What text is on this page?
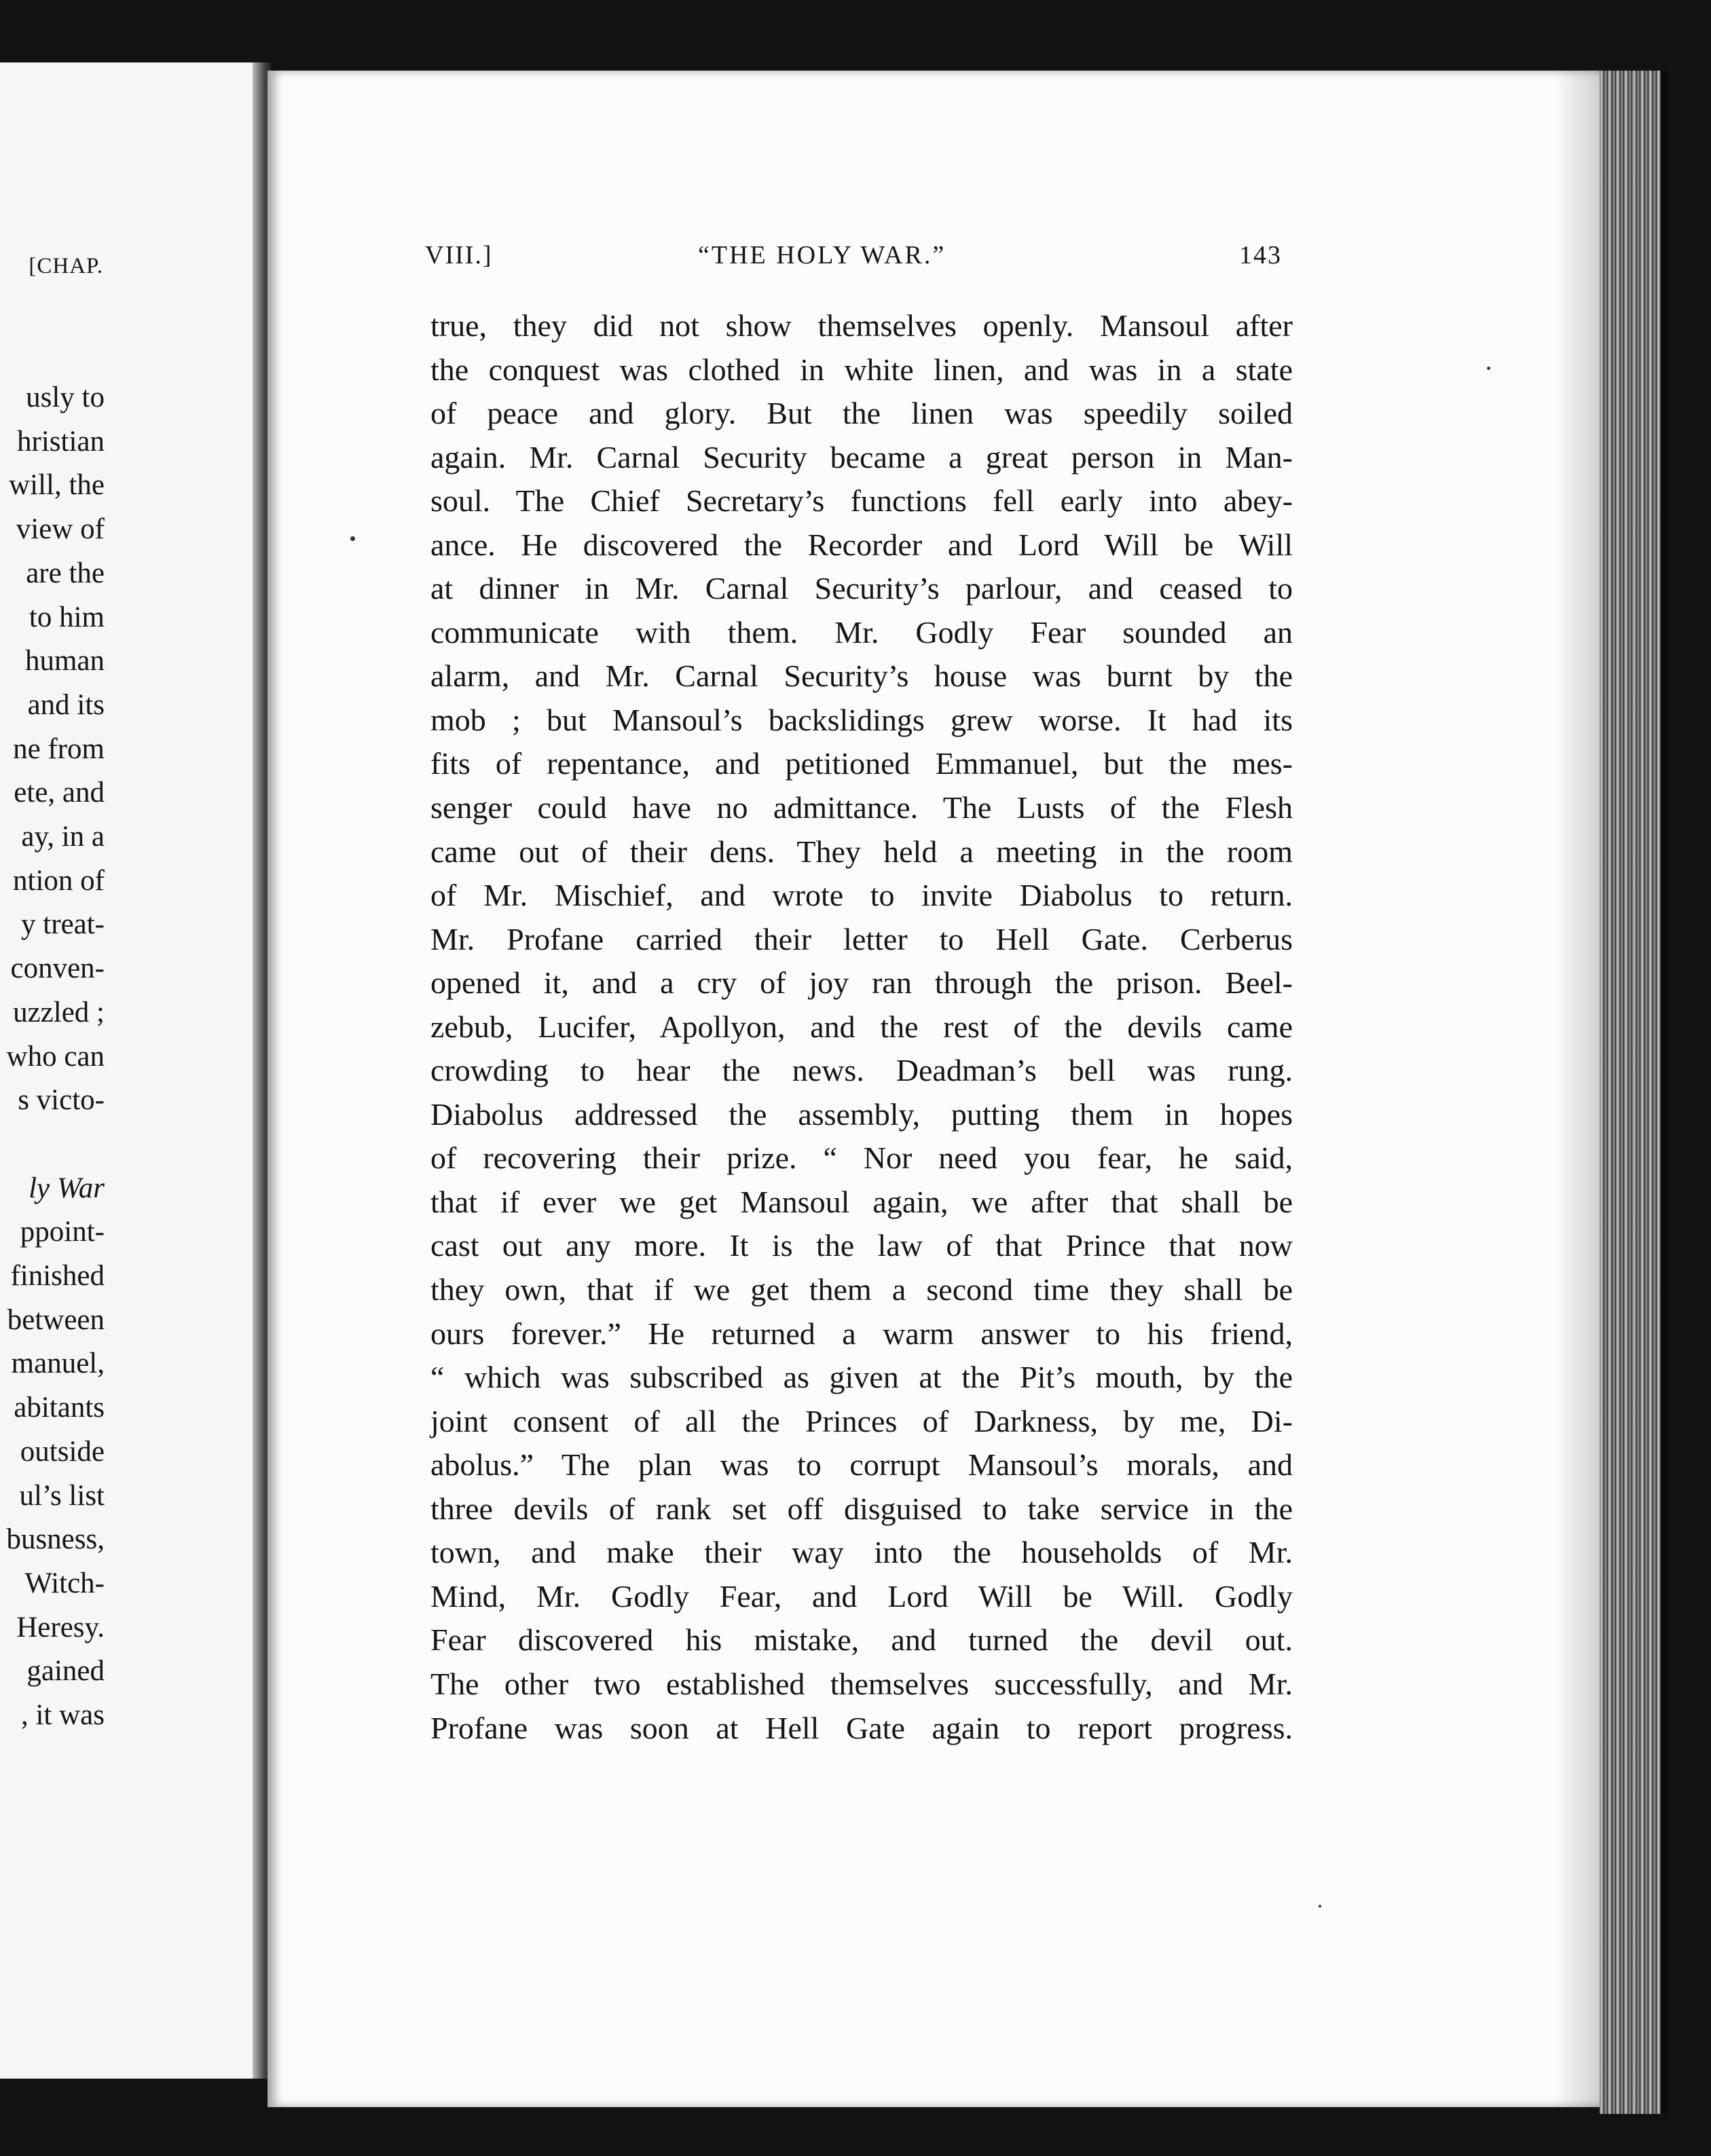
[CHAP.
usly to
hristian
will, the
view of
are the
to him
human
and its
ne from
ete, and
ay, in a
ntion of
y treat-
conven-
uzzled ;
who can
s victo-

ly War
ppoint-
finished
between
manuel,
abitants
outside
ul’s list
busness,
Witch-
Heresy.
gained
, it was
VIII.]	“THE HOLY WAR.”	143
true, they did not show themselves openly. Mansoul after
the conquest was clothed in white linen, and was in a state
of peace and glory. But the linen was speedily soiled
again. Mr. Carnal Security became a great person in Man-
soul. The Chief Secretary’s functions fell early into abey-
ance. He discovered the Recorder and Lord Will be Will
at dinner in Mr. Carnal Security’s parlour, and ceased to
communicate with them. Mr. Godly Fear sounded an
alarm, and Mr. Carnal Security’s house was burnt by the
mob ; but Mansoul’s backslidings grew worse. It had its
fits of repentance, and petitioned Emmanuel, but the mes-
senger could have no admittance. The Lusts of the Flesh
came out of their dens. They held a meeting in the room
of Mr. Mischief, and wrote to invite Diabolus to return.
Mr. Profane carried their letter to Hell Gate. Cerberus
opened it, and a cry of joy ran through the prison. Beel-
zebub, Lucifer, Apollyon, and the rest of the devils came
crowding to hear the news. Deadman’s bell was rung.
Diabolus addressed the assembly, putting them in hopes
of recovering their prize. “ Nor need you fear, he said,
that if ever we get Mansoul again, we after that shall be
cast out any more. It is the law of that Prince that now
they own, that if we get them a second time they shall be
ours forever.” He returned a warm answer to his friend,
“ which was subscribed as given at the Pit’s mouth, by the
joint consent of all the Princes of Darkness, by me, Di-
abolus.” The plan was to corrupt Mansoul’s morals, and
three devils of rank set off disguised to take service in the
town, and make their way into the households of Mr.
Mind, Mr. Godly Fear, and Lord Will be Will. Godly
Fear discovered his mistake, and turned the devil out.
The other two established themselves successfully, and Mr.
Profane was soon at Hell Gate again to report progress.
